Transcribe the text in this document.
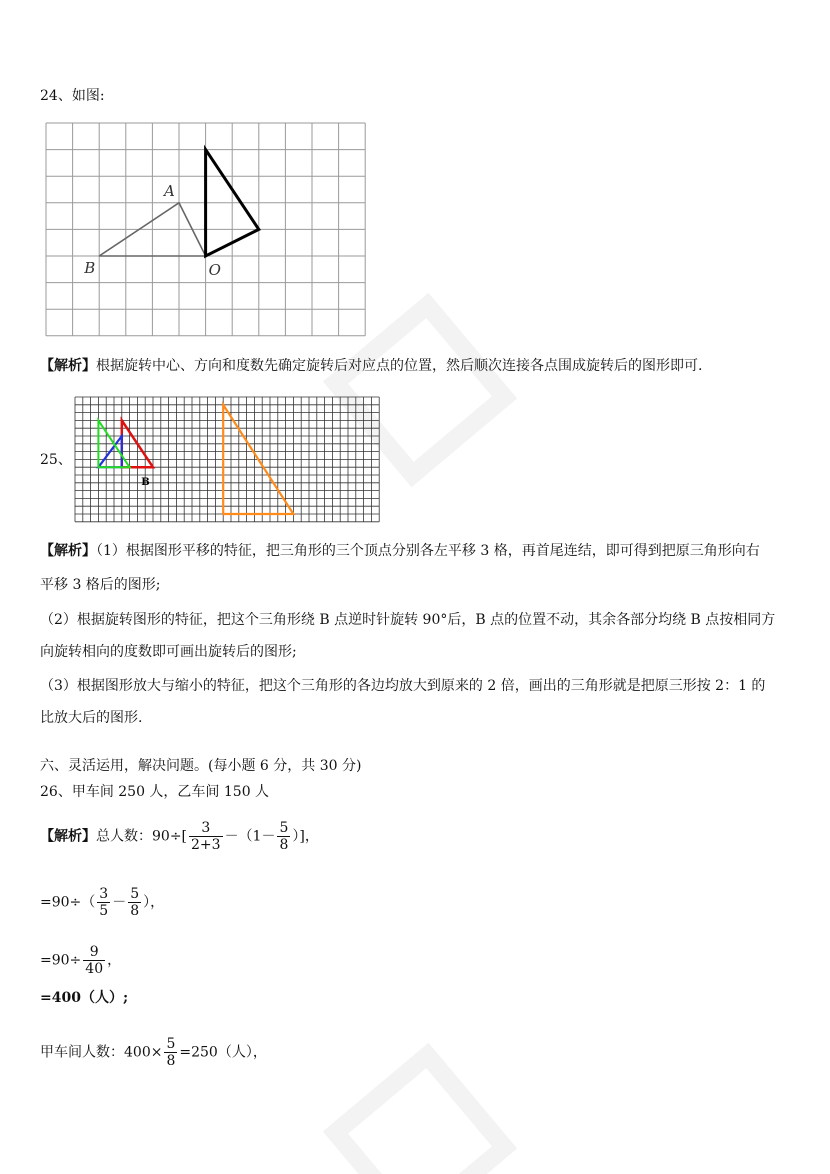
24、如图:
A
B	O
【解析】根据旋转中心、方向和度数先确定旋转后对应点的位置，然后顺次连接各点围成旋转后的图形即可.
25、
B
【解析】（1）根据图形平移的特征，把三角形的三个顶点分别各左平移 3 格，再首尾连结，即可得到把原三角形向右
平移 3 格后的图形;
（2）根据旋转图形的特征，把这个三角形绕 B 点逆时针旋转 90°后，B 点的位置不动，其余各部分均绕 B 点按相同方
向旋转相向的度数即可画出旋转后的图形;
（3）根据图形放大与缩小的特征，把这个三角形的各边均放大到原来的 2 倍，画出的三角形就是把原三形按 2：1 的
比放大后的图形.
六、灵活运用，解决问题。(每小题 6 分，共 30 分)
26、甲车间 250 人，乙车间 150 人
【解析】总人数：$90\div[ \frac{3}{2+3} -(1- \frac{5}{8}$ ）]，
$=90\div( \frac{3}{5} - \frac{5}{8}$ ），
$=90\div \frac{9}{40}$ ，
=400（人）;
甲车间人数：$400\times \frac{5}{8} =250$（人），
